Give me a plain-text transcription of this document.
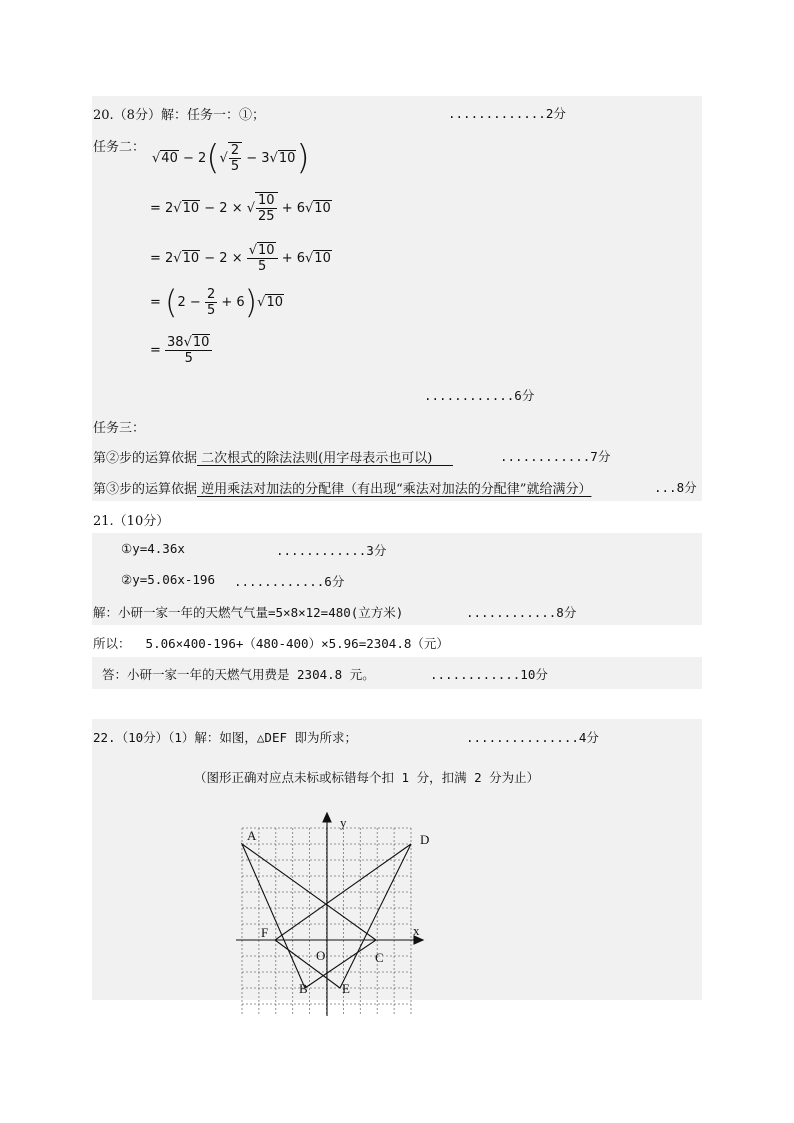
20.（8分）解：任务一：①；	.............2分
任务二：
√ 40 − 2 ( √ $\frac{2}{5} - 3√$ 10 )
= 2√ 10 − 2 × √ $\frac{10}{25} + 6√$ 10
= 2√ $10 - 2 \times \frac{√10}{5} + 6√$ 10
= ( $2 - \frac{2}{5} + 6$ ) √ 10
= $\frac{38√10}{5}$
............6分
任务三：
第②步的运算依据 二次根式的除法法则(用字母表示也可以)	............7分
第③步的运算依据 逆用乘法对加法的分配律（有出现“乘法对加法的分配律”就给满分）	...8分
21.（10分）
①y=4.36x	............3分
②y=5.06x-196 ............6分
解：小研一家一年的天燃气气量=5×8×12=480(立方米)	............8分
所以：  5.06×400-196+（480-400）×5.96=2304.8（元）
答：小研一家一年的天燃气用费是 2304.8 元。	............10分
22.（10分）（1）解：如图，△DEF 即为所求；	...............4分
（图形正确对应点未标或标错每个扣 1 分，扣满 2 分为止）
A	D
F
O	C
B	E
x
y
